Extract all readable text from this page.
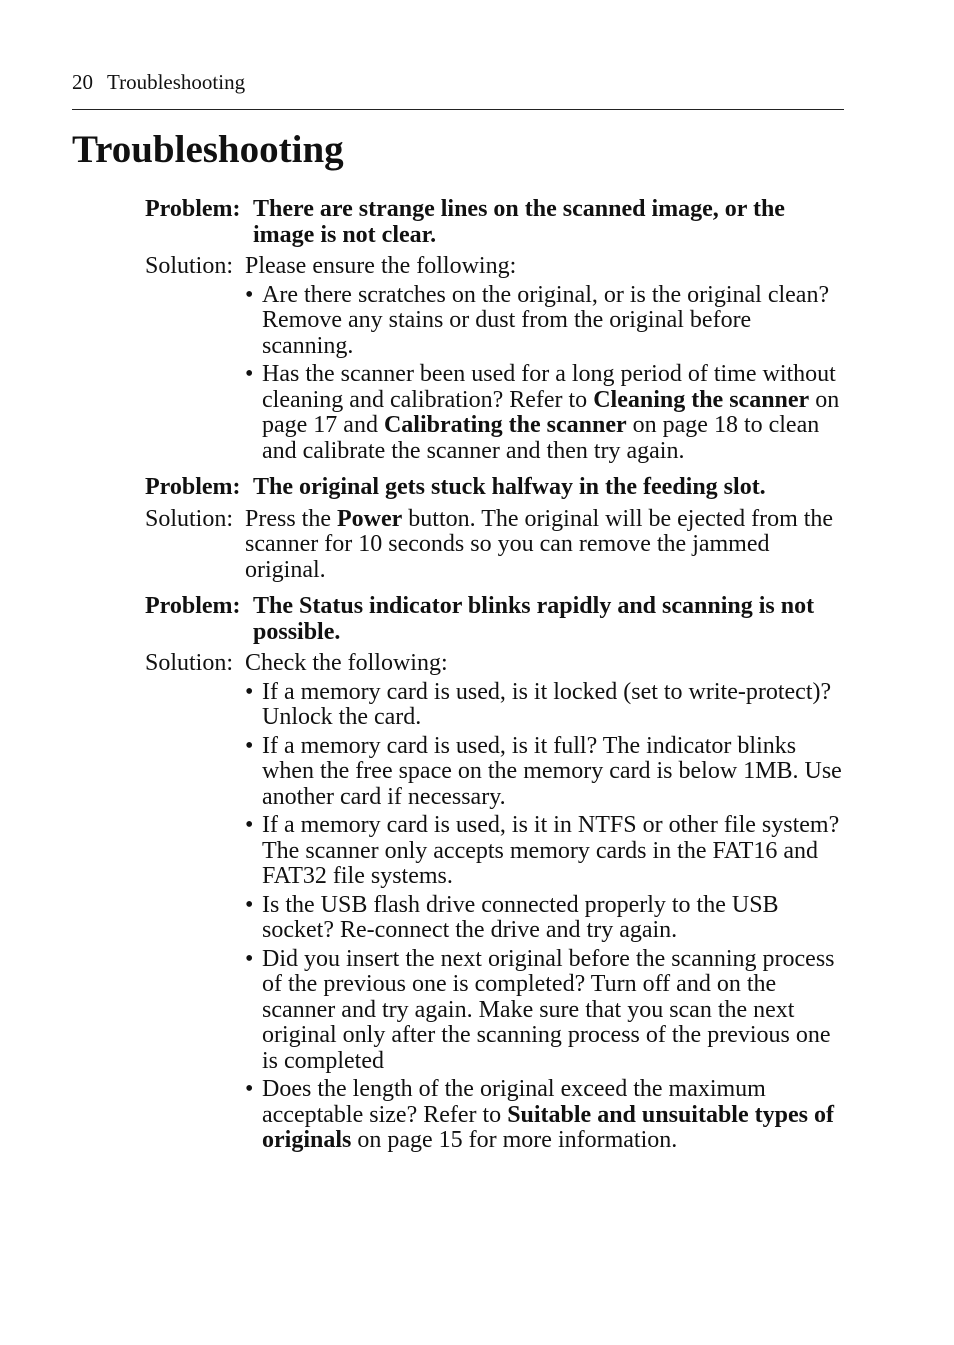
20 Troubleshooting
Troubleshooting
Problem: There are strange lines on the scanned image, or the image is not clear.
Solution: Please ensure the following:
• Are there scratches on the original, or is the original clean? Remove any stains or dust from the original before scanning.
• Has the scanner been used for a long period of time without cleaning and calibration? Refer to Cleaning the scanner on page 17 and Calibrating the scanner on page 18 to clean and calibrate the scanner and then try again.
Problem: The original gets stuck halfway in the feeding slot.
Solution: Press the Power button. The original will be ejected from the scanner for 10 seconds so you can remove the jammed original.
Problem: The Status indicator blinks rapidly and scanning is not possible.
Solution: Check the following:
• If a memory card is used, is it locked (set to write-protect)? Unlock the card.
• If a memory card is used, is it full? The indicator blinks when the free space on the memory card is below 1MB. Use another card if necessary.
• If a memory card is used, is it in NTFS or other file system? The scanner only accepts memory cards in the FAT16 and FAT32 file systems.
• Is the USB flash drive connected properly to the USB socket? Re-connect the drive and try again.
• Did you insert the next original before the scanning process of the previous one is completed? Turn off and on the scanner and try again. Make sure that you scan the next original only after the scanning process of the previous one is completed
• Does the length of the original exceed the maximum acceptable size? Refer to Suitable and unsuitable types of originals on page 15 for more information.
